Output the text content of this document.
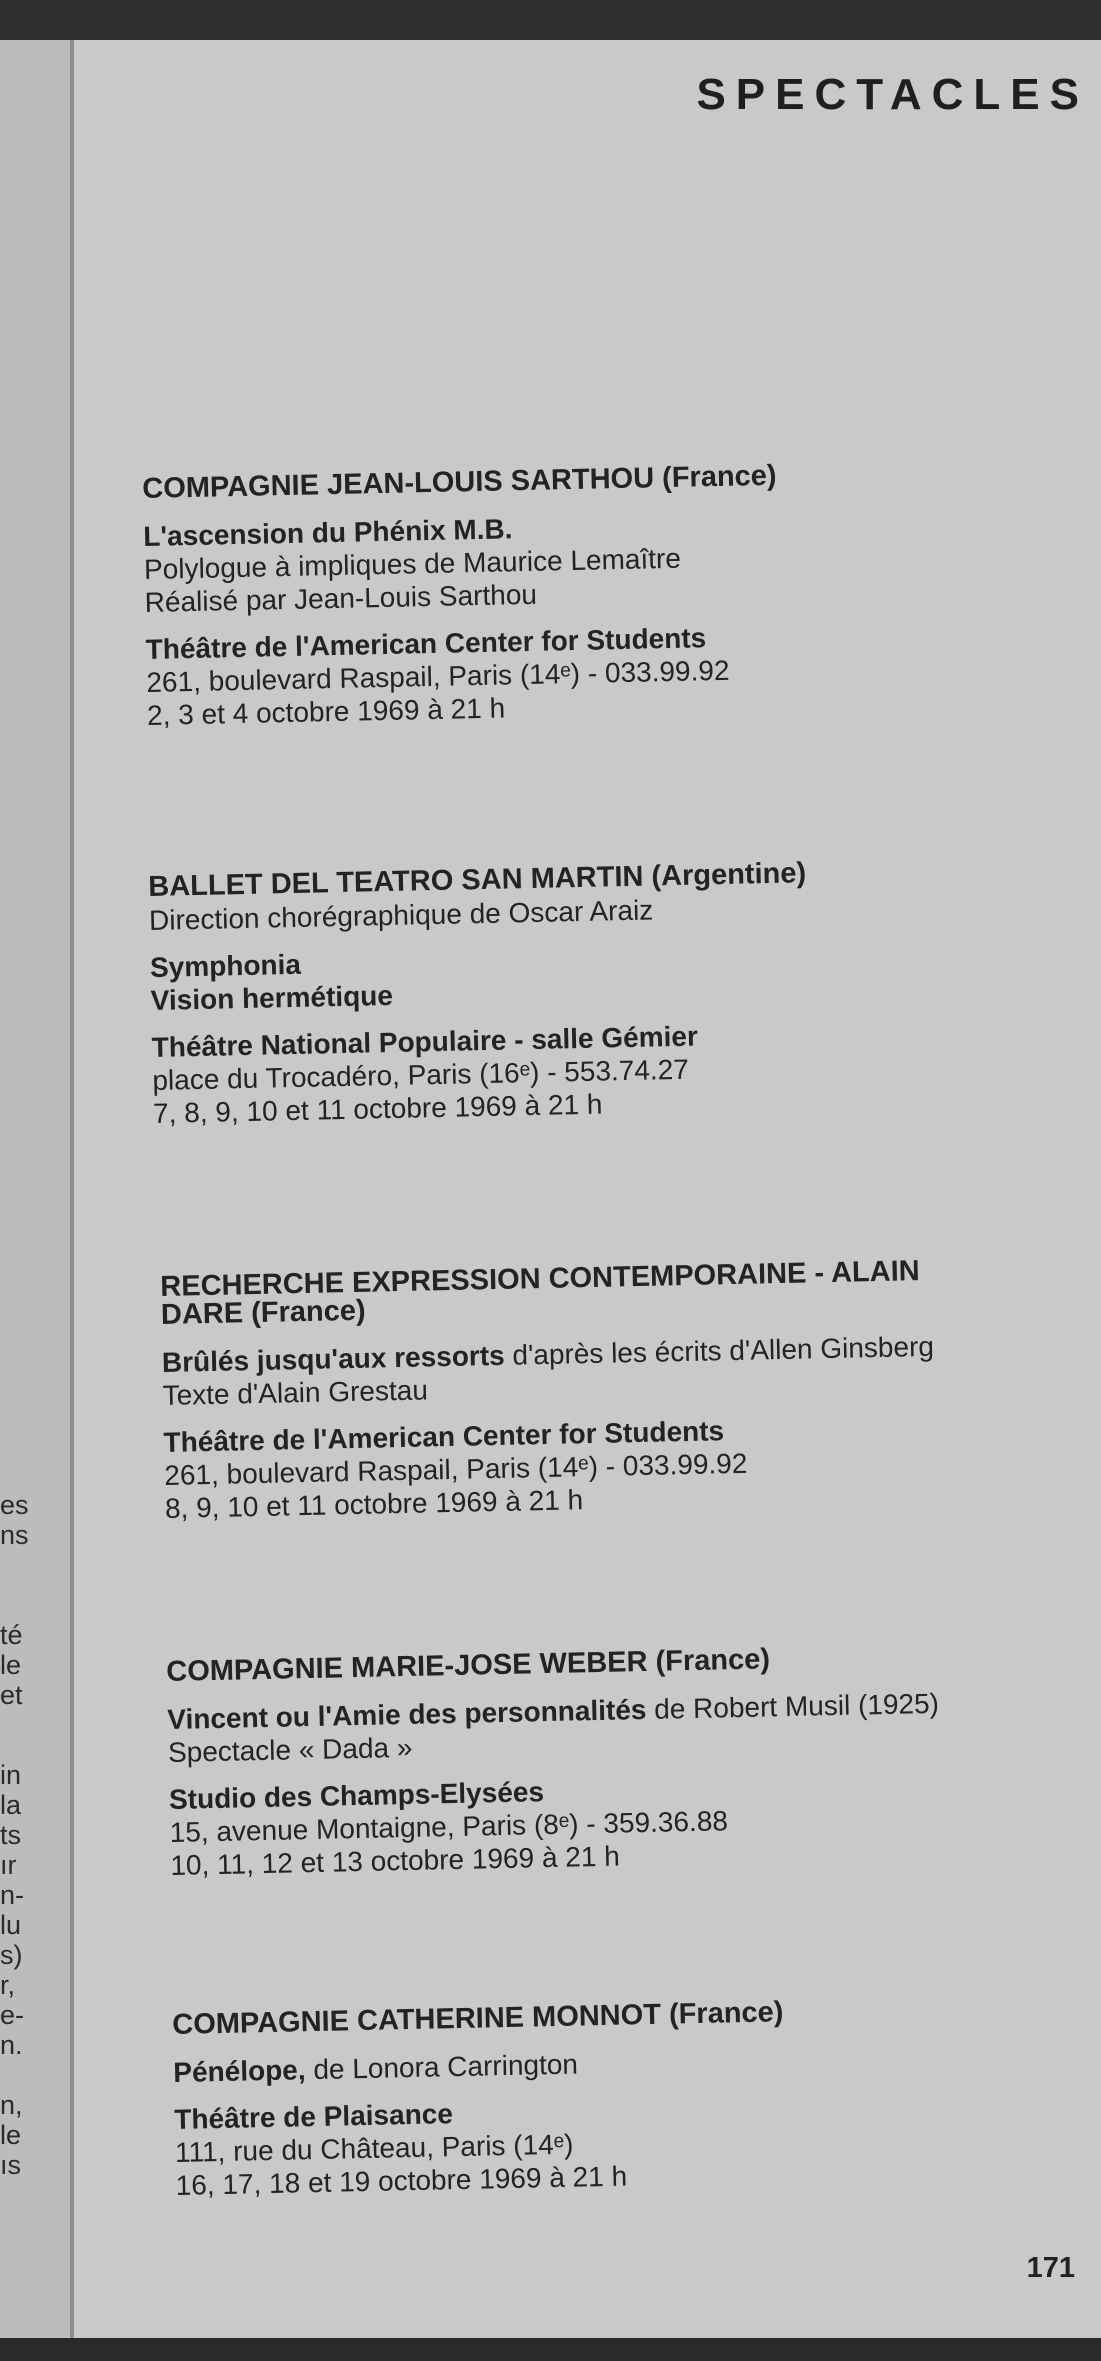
es
ns
té
le
et
in
la
ts
ır
n-
lu
s)
r,
e-
n.
n,
le
ıs
SPECTACLES

COMPAGNIE JEAN-LOUIS SARTHOU (France)

L'ascension du Phénix M.B.

Polylogue à impliques de Maurice Lemaître

Réalisé par Jean-Louis Sarthou

Théâtre de l'American Center for Students

261, boulevard Raspail, Paris (14ᵉ) - 033.99.92

2, 3 et 4 octobre 1969 à 21 h

BALLET DEL TEATRO SAN MARTIN (Argentine)

Direction chorégraphique de Oscar Araiz

Symphonia

Vision hermétique

Théâtre National Populaire - salle Gémier

place du Trocadéro, Paris (16ᵉ) - 553.74.27

7, 8, 9, 10 et 11 octobre 1969 à 21 h

RECHERCHE EXPRESSION CONTEMPORAINE - ALAIN

DARE (France)

Brûlés jusqu'aux ressorts d'après les écrits d'Allen Ginsberg

Texte d'Alain Grestau

Théâtre de l'American Center for Students

261, boulevard Raspail, Paris (14ᵉ) - 033.99.92

8, 9, 10 et 11 octobre 1969 à 21 h

COMPAGNIE MARIE-JOSE WEBER (France)

Vincent ou l'Amie des personnalités de Robert Musil (1925)

Spectacle « Dada »

Studio des Champs-Elysées

15, avenue Montaigne, Paris (8ᵉ) - 359.36.88

10, 11, 12 et 13 octobre 1969 à 21 h

COMPAGNIE CATHERINE MONNOT (France)

Pénélope, de Lonora Carrington

Théâtre de Plaisance

111, rue du Château, Paris (14ᵉ)

16, 17, 18 et 19 octobre 1969 à 21 h

171
